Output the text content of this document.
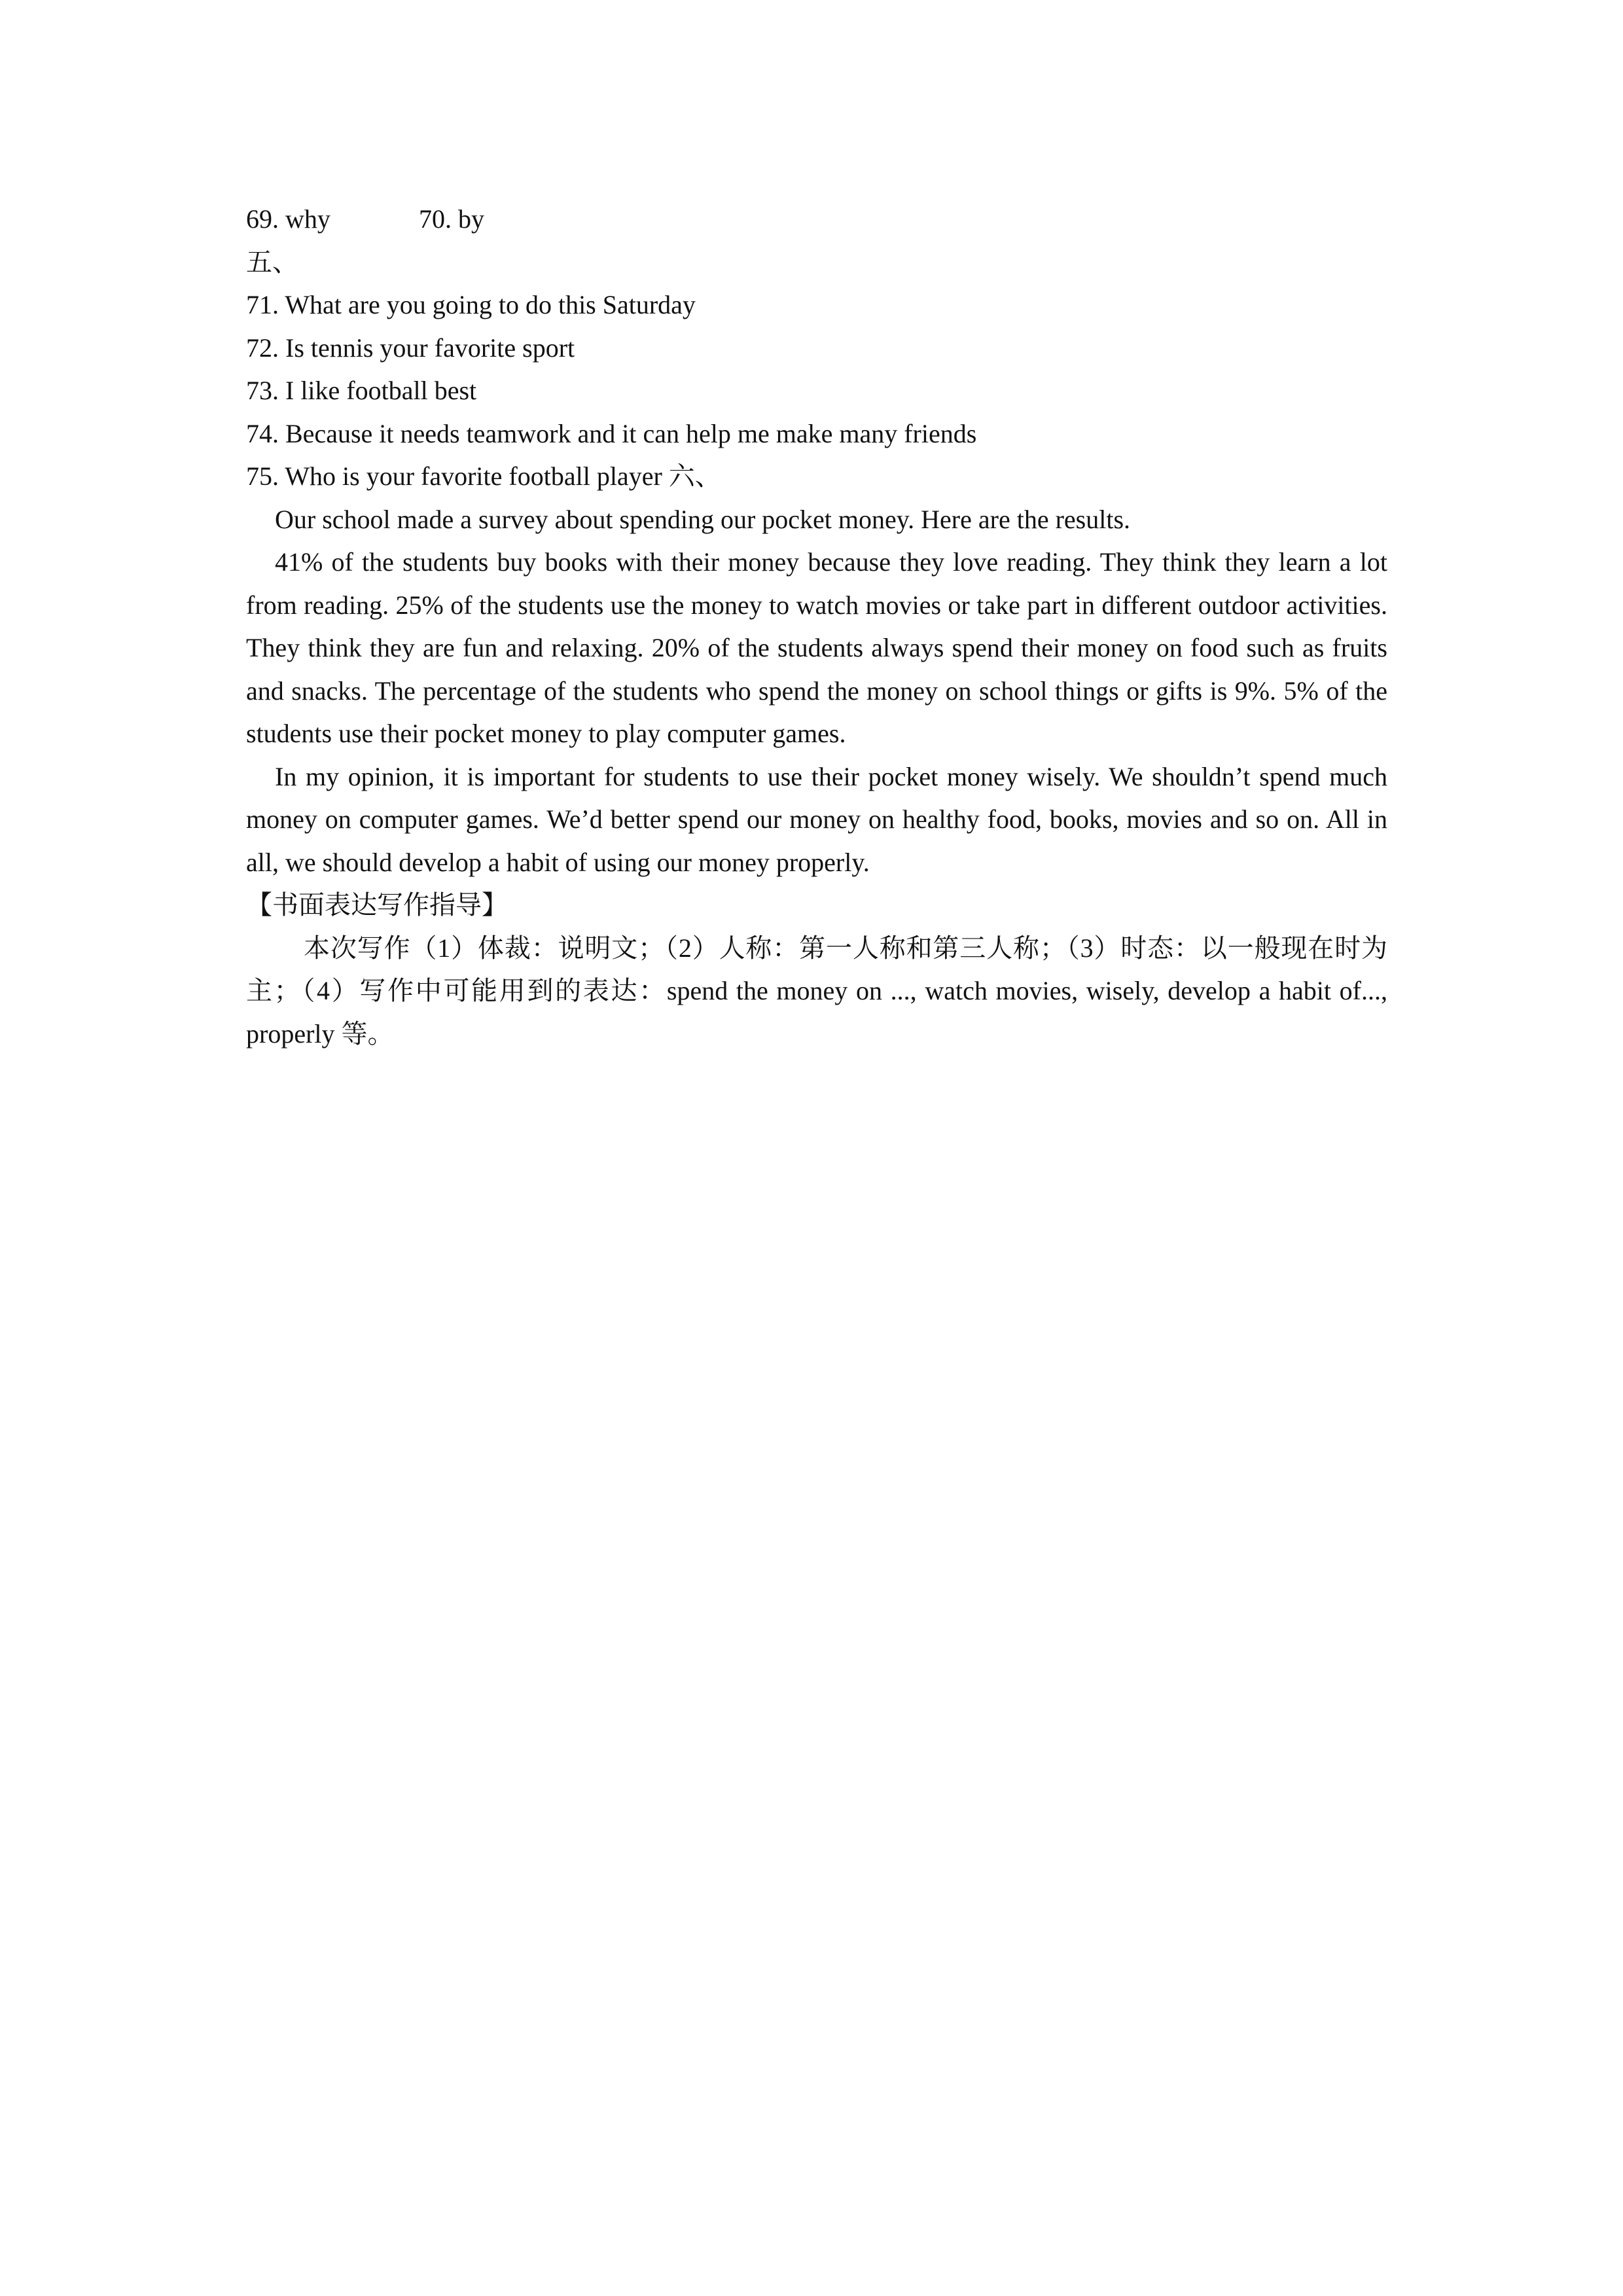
69. why	70. by
五、
71. What are you going to do this Saturday
72. Is tennis your favorite sport
73. I like football best
74. Because it needs teamwork and it can help me make many friends
75. Who is your favorite football player 六、

Our school made a survey about spending our pocket money. Here are the results.

41% of the students buy books with their money because they love reading. They think they learn a lot from reading. 25% of the students use the money to watch movies or take part in different outdoor activities. They think they are fun and relaxing. 20% of the students always spend their money on food such as fruits and snacks. The percentage of the students who spend the money on school things or gifts is 9%. 5% of the students use their pocket money to play computer games.

In my opinion, it is important for students to use their pocket money wisely. We shouldn’t spend much money on computer games. We’d better spend our money on healthy food, books, movies and so on. All in all, we should develop a habit of using our money properly.

【书面表达写作指导】

本次写作（1）体裁：说明文；（2）人称：第一人称和第三人称；（3）时态：以一般现在时为主；（4）写作中可能用到的表达：spend the money on ..., watch movies, wisely, develop a habit of..., properly 等。
